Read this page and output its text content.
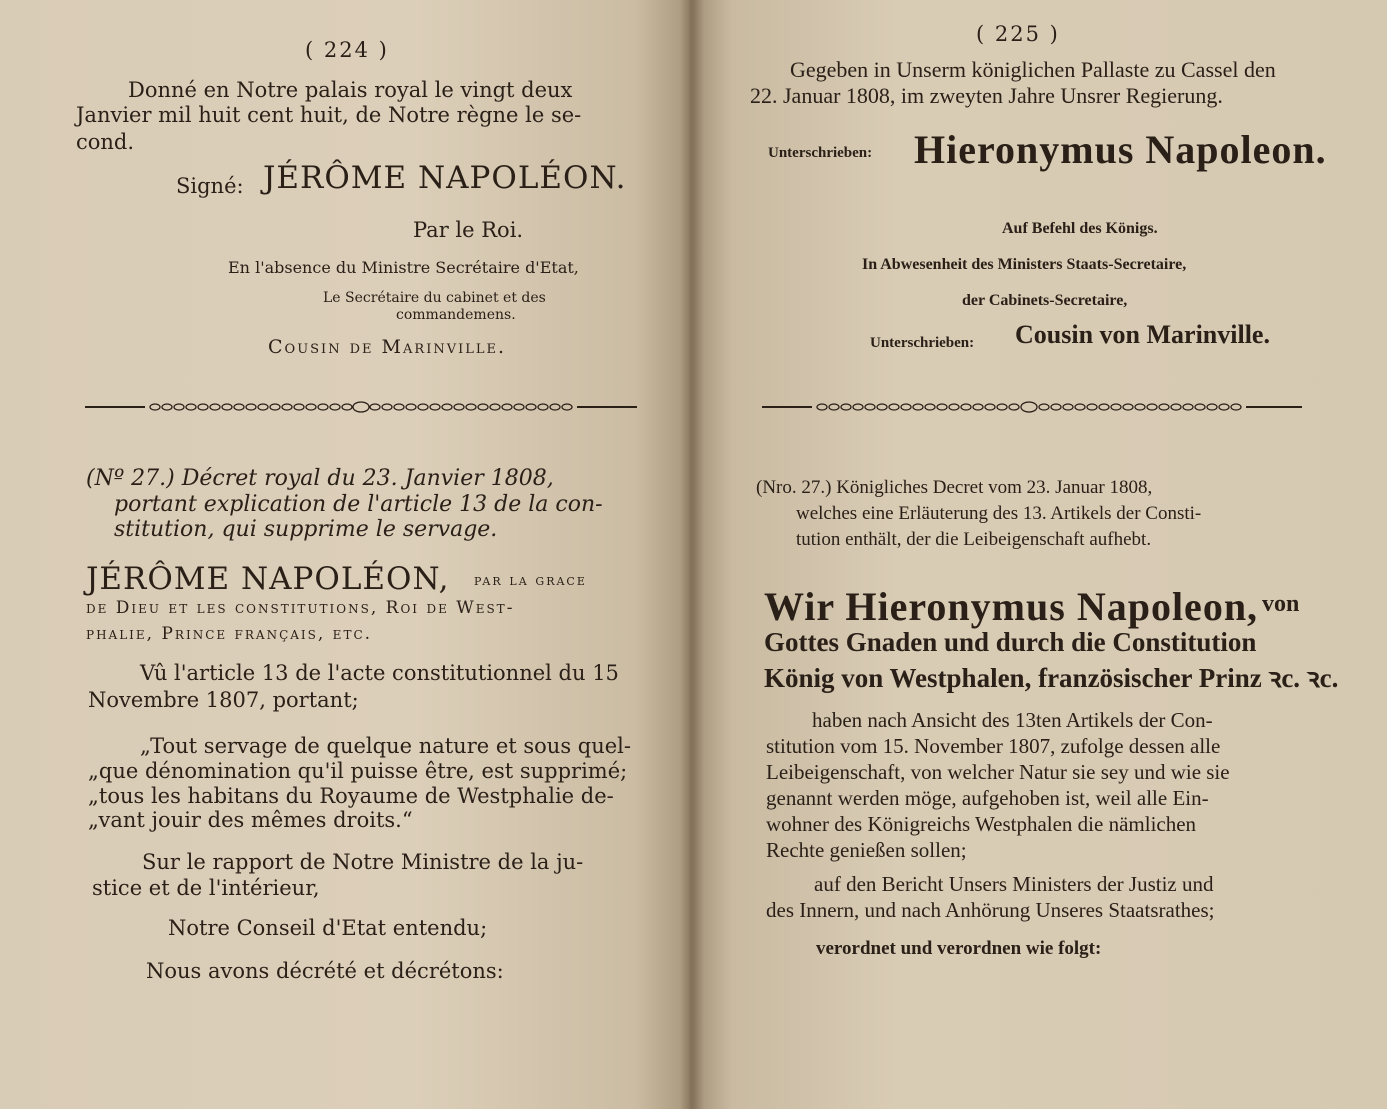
( 224 )
Donné en Notre palais royal le vingt deux
Janvier mil huit cent huit, de Notre règne le se-
cond.
Signé: JÉRÔME NAPOLÉON.
Par le Roi.
En l'absence du Ministre Secrétaire d'Etat,
Le Secrétaire du cabinet et des
commandemens.
Cousin de Marinville.
(Nº 27.) Décret royal du 23. Janvier 1808,
portant explication de l'article 13 de la con-
stitution, qui supprime le servage.
JÉRÔME NAPOLÉON, par la grace
de Dieu et les constitutions, Roi de West-
phalie, Prince français, etc.
Vû l'article 13 de l'acte constitutionnel du 15
Novembre 1807, portant;
„Tout servage de quelque nature et sous quel-
„que dénomination qu'il puisse être, est supprimé;
„tous les habitans du Royaume de Westphalie de-
„vant jouir des mêmes droits.“
Sur le rapport de Notre Ministre de la ju-
stice et de l'intérieur,
Notre Conseil d'Etat entendu;
Nous avons décrété et décrétons:
( 225 )
Gegeben in Unserm königlichen Pallaste zu Cassel den
22. Januar 1808, im zweyten Jahre Unsrer Regierung.
Unterschrieben: Hieronymus Napoleon.
Auf Befehl des Königs.
In Abwesenheit des Ministers Staats-Secretaire,
der Cabinets-Secretaire,
Unterschrieben: Cousin von Marinville.
(Nro. 27.) Königliches Decret vom 23. Januar 1808,
welches eine Erläuterung des 13. Artikels der Consti-
tution enthält, der die Leibeigenschaft aufhebt.
Wir Hieronymus Napoleon, von
Gottes Gnaden und durch die Constitution
König von Westphalen, französischer Prinz ꝛc. ꝛc.
haben nach Ansicht des 13ten Artikels der Con-
stitution vom 15. November 1807, zufolge dessen alle
Leibeigenschaft, von welcher Natur sie sey und wie sie
genannt werden möge, aufgehoben ist, weil alle Ein-
wohner des Königreichs Westphalen die nämlichen
Rechte genießen sollen;
auf den Bericht Unsers Ministers der Justiz und
des Innern, und nach Anhörung Unseres Staatsrathes;
verordnet und verordnen wie folgt:
